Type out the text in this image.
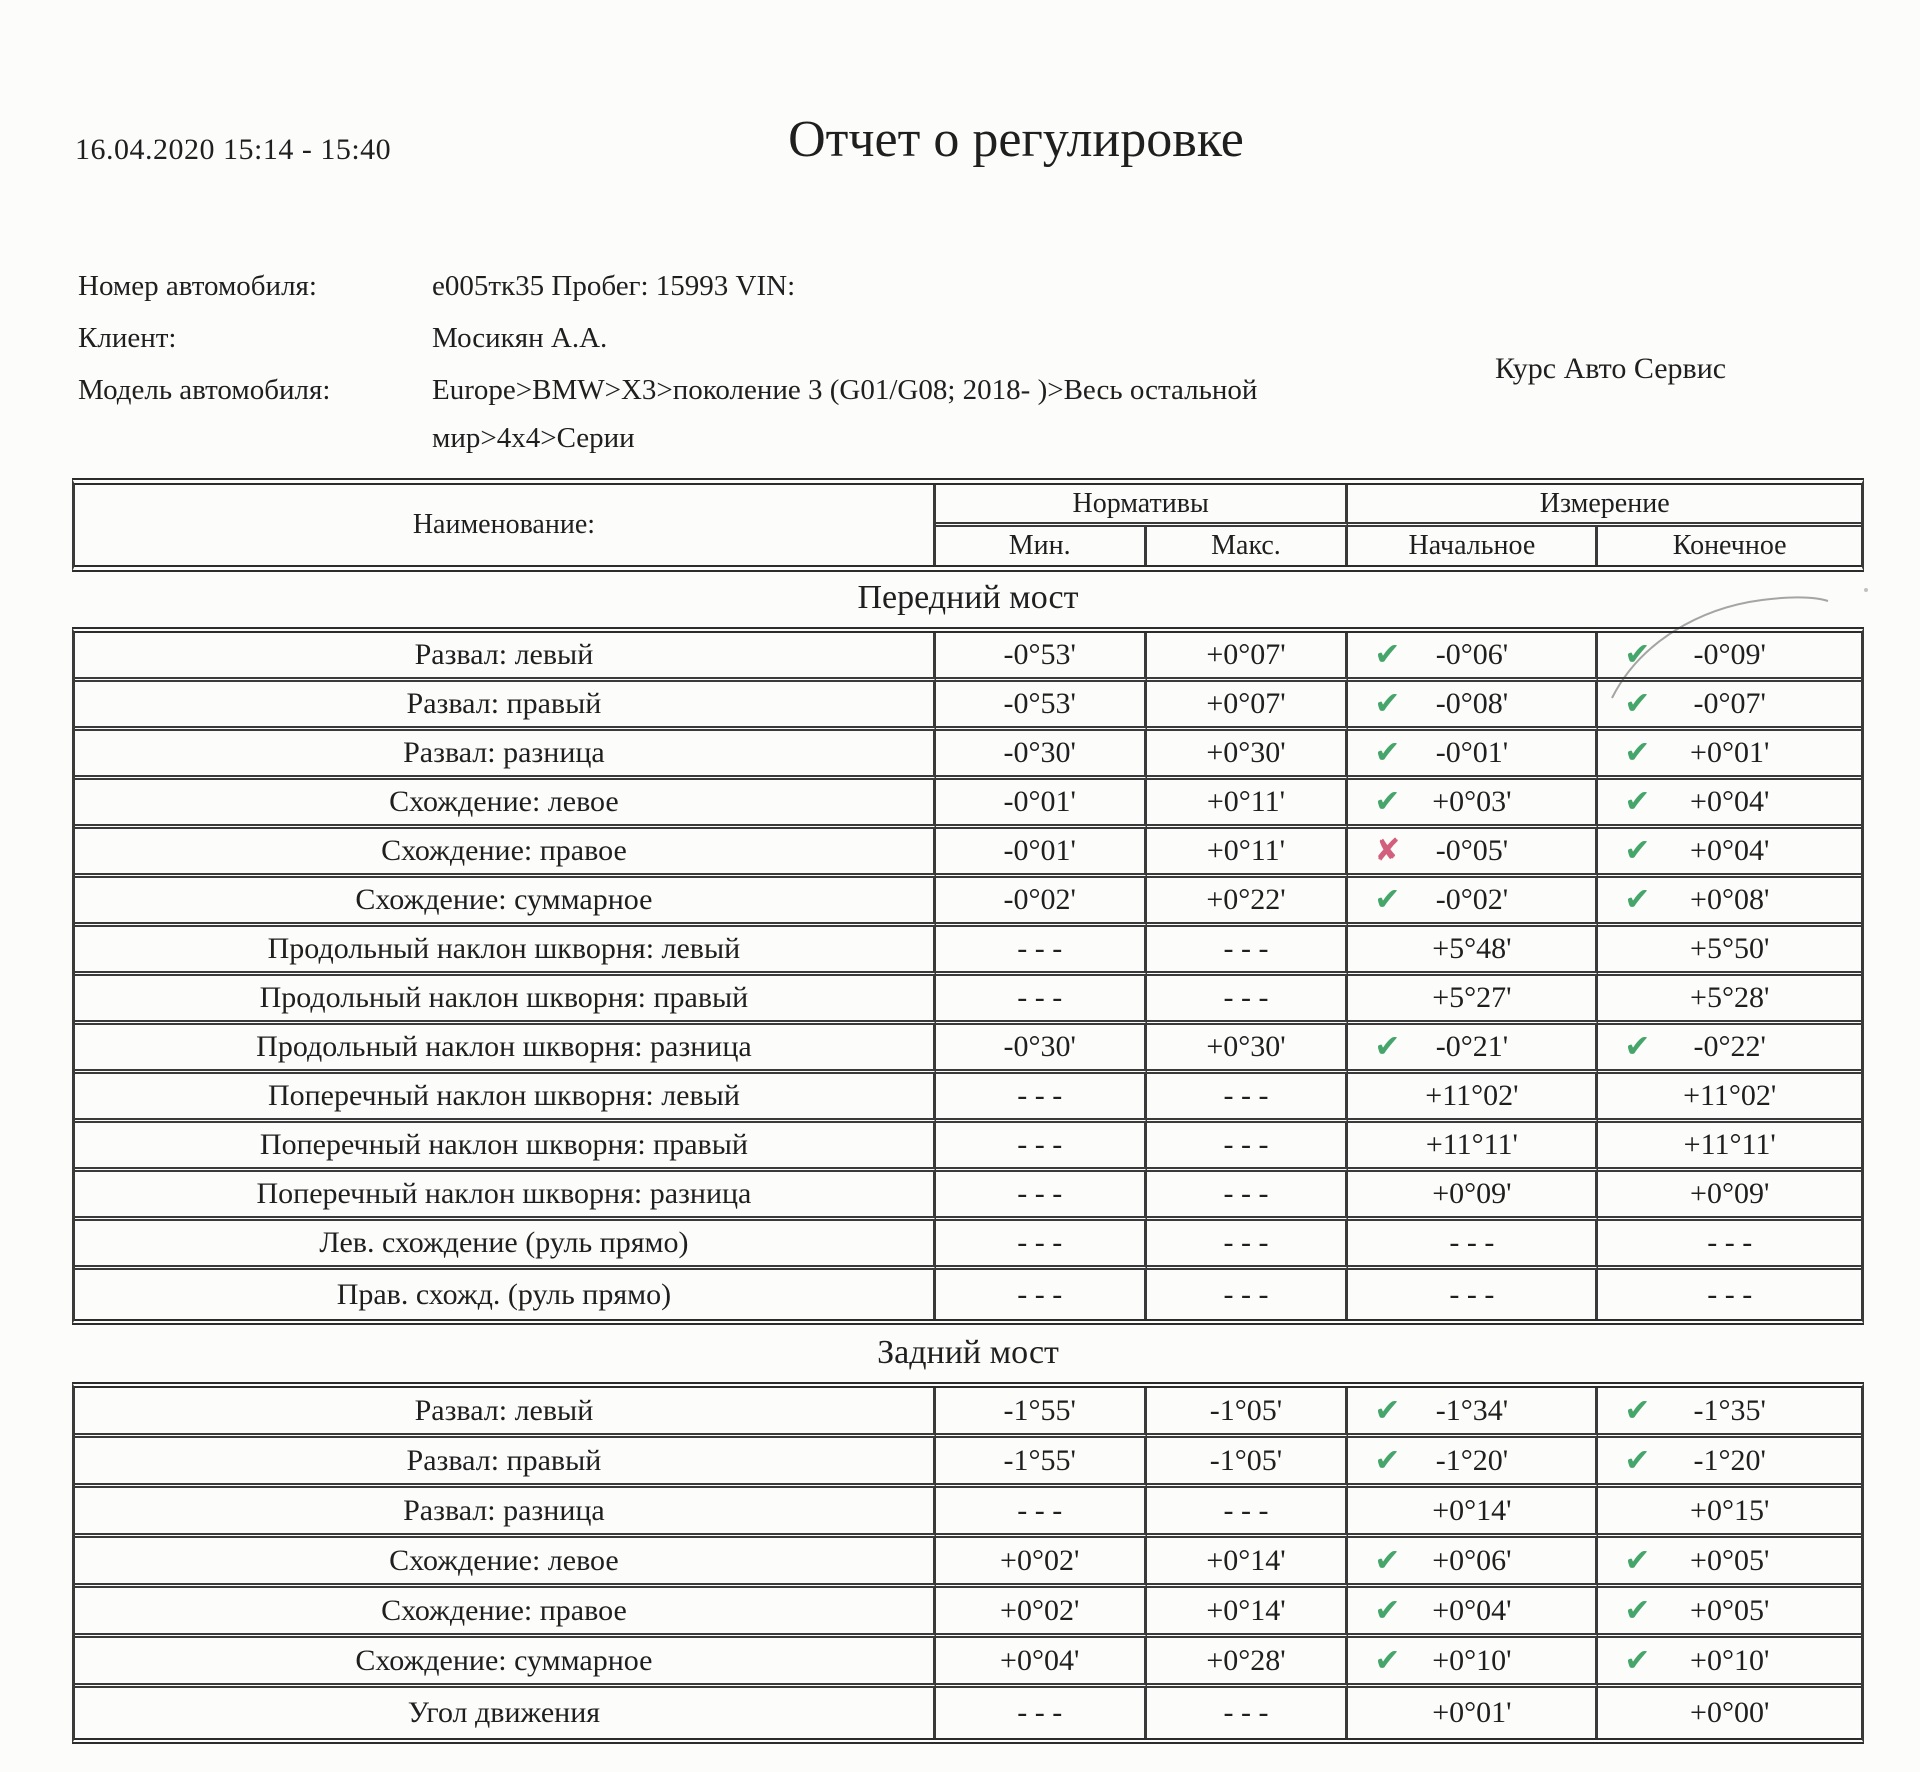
16.04.2020 15:14 - 15:40	Отчет о регулировке
Номер автомобиля:	е005тк35 Пробег: 15993 VIN:
Клиент:	Мосикян А.А.
Модель автомобиля:	Europe>BMW>X3>поколение 3 (G01/G08; 2018- )>Весь остальной
мир>4x4>Серии
Курс Авто Сервис
Наименование:
Нормативы	Измерение
Мин.	Макс.	Начальное	Конечное
Передний мост
Развал: левый	-0°53'	+0°07'	✔ -0°06'	✔ -0°09'
Развал: правый	-0°53'	+0°07'	✔ -0°08'	✔ -0°07'
Развал: разница	-0°30'	+0°30'	✔ -0°01'	✔ +0°01'
Схождение: левое	-0°01'	+0°11'	✔ +0°03'	✔ +0°04'
Схождение: правое	-0°01'	+0°11'	✘ -0°05'	✔ +0°04'
Схождение: суммарное	-0°02'	+0°22'	✔ -0°02'	✔ +0°08'
Продольный наклон шкворня: левый	- - -	- - -	+5°48'	+5°50'
Продольный наклон шкворня: правый	- - -	- - -	+5°27'	+5°28'
Продольный наклон шкворня: разница	-0°30'	+0°30'	✔ -0°21'	✔ -0°22'
Поперечный наклон шкворня: левый	- - -	- - -	+11°02'	+11°02'
Поперечный наклон шкворня: правый	- - -	- - -	+11°11'	+11°11'
Поперечный наклон шкворня: разница	- - -	- - -	+0°09'	+0°09'
Лев. схождение (руль прямо)	- - -	- - -	- - -	- - -
Прав. схожд. (руль прямо)	- - -	- - -	- - -	- - -
Задний мост
Развал: левый	-1°55'	-1°05'	✔ -1°34'	✔ -1°35'
Развал: правый	-1°55'	-1°05'	✔ -1°20'	✔ -1°20'
Развал: разница	- - -	- - -	+0°14'	+0°15'
Схождение: левое	+0°02'	+0°14'	✔ +0°06'	✔ +0°05'
Схождение: правое	+0°02'	+0°14'	✔ +0°04'	✔ +0°05'
Схождение: суммарное	+0°04'	+0°28'	✔ +0°10'	✔ +0°10'
Угол движения	- - -	- - -	+0°01'	+0°00'
